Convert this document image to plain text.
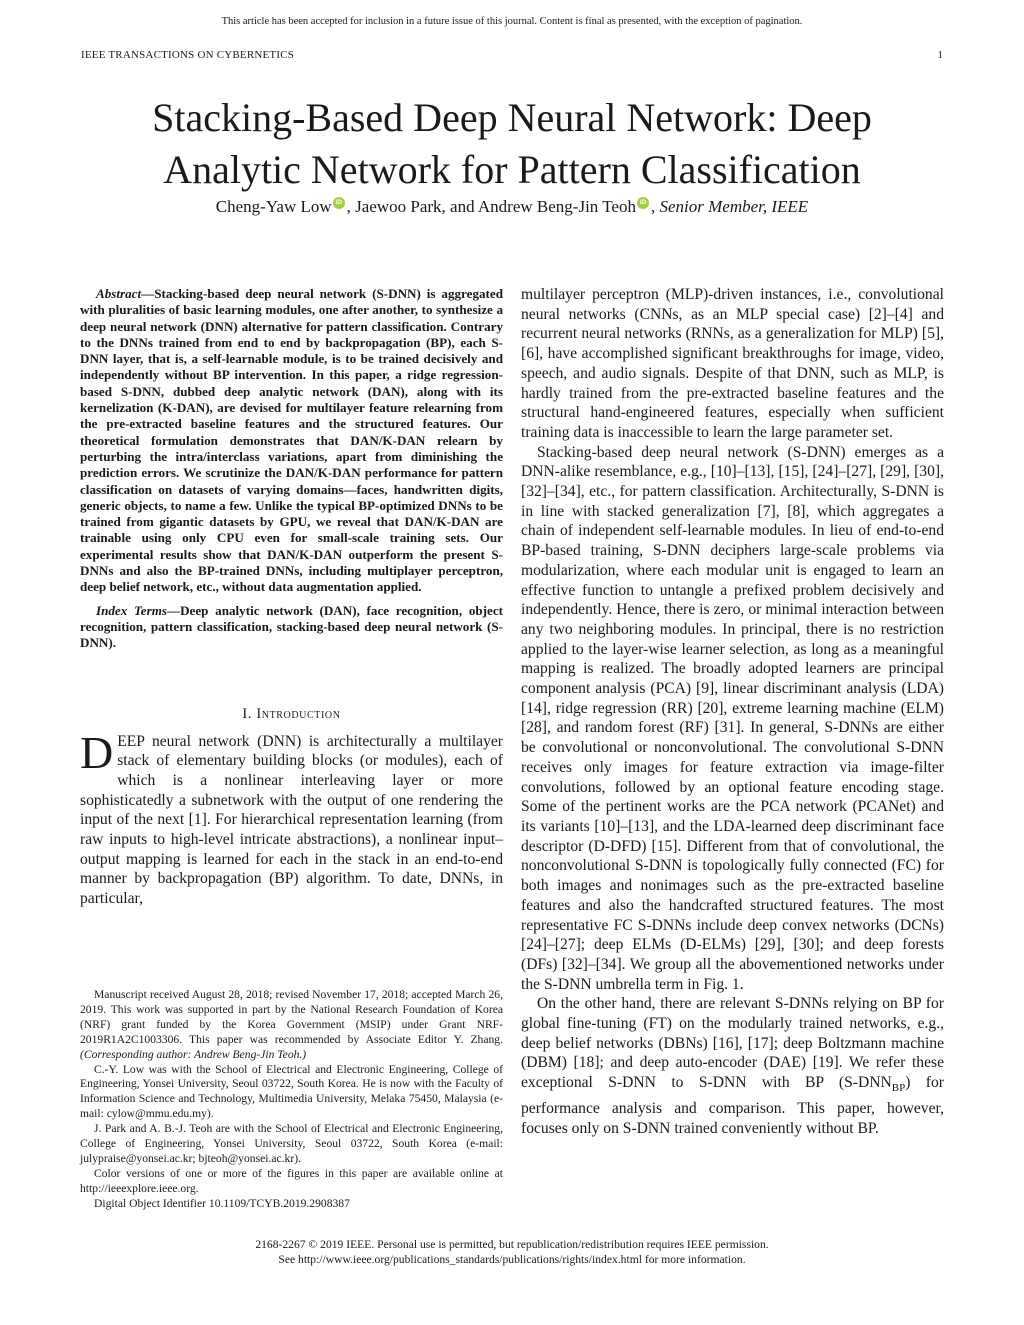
This article has been accepted for inclusion in a future issue of this journal. Content is final as presented, with the exception of pagination.
IEEE TRANSACTIONS ON CYBERNETICS	1
Stacking-Based Deep Neural Network: Deep
Analytic Network for Pattern Classification
Cheng-Yaw Low iD , Jaewoo Park, and Andrew Beng-Jin Teoh iD , Senior Member, IEEE

Abstract—Stacking-based deep neural network (S-DNN) is aggregated with pluralities of basic learning modules, one after another, to synthesize a deep neural network (DNN) alternative for pattern classification. Contrary to the DNNs trained from end to end by backpropagation (BP), each S-DNN layer, that is, a self-learnable module, is to be trained decisively and independently without BP intervention. In this paper, a ridge regression-based S-DNN, dubbed deep analytic network (DAN), along with its kernelization (K-DAN), are devised for multilayer feature relearning from the pre-extracted baseline features and the structured features. Our theoretical formulation demonstrates that DAN/K-DAN relearn by perturbing the intra/interclass variations, apart from diminishing the prediction errors. We scrutinize the DAN/K-DAN performance for pattern classification on datasets of varying domains—faces, handwritten digits, generic objects, to name a few. Unlike the typical BP-optimized DNNs to be trained from gigantic datasets by GPU, we reveal that DAN/K-DAN are trainable using only CPU even for small-scale training sets. Our experimental results show that DAN/K-DAN outperform the present S-DNNs and also the BP-trained DNNs, including multiplayer perceptron, deep belief network, etc., without data augmentation applied.

Index Terms—Deep analytic network (DAN), face recognition, object recognition, pattern classification, stacking-based deep neural network (S-DNN).

I. Introduction

DEEP neural network (DNN) is architecturally a multilayer stack of elementary building blocks (or modules), each of which is a nonlinear interleaving layer or more sophisticatedly a subnetwork with the output of one rendering the input of the next [1]. For hierarchical representation learning (from raw inputs to high-level intricate abstractions), a nonlinear input–output mapping is learned for each in the stack in an end-to-end manner by backpropagation (BP) algorithm. To date, DNNs, in particular,

Manuscript received August 28, 2018; revised November 17, 2018; accepted March 26, 2019. This work was supported in part by the National Research Foundation of Korea (NRF) grant funded by the Korea Government (MSIP) under Grant NRF-2019R1A2C1003306. This paper was recommended by Associate Editor Y. Zhang. (Corresponding author: Andrew Beng-Jin Teoh.)

C.-Y. Low was with the School of Electrical and Electronic Engineering, College of Engineering, Yonsei University, Seoul 03722, South Korea. He is now with the Faculty of Information Science and Technology, Multimedia University, Melaka 75450, Malaysia (e-mail: cylow@mmu.edu.my).

J. Park and A. B.-J. Teoh are with the School of Electrical and Electronic Engineering, College of Engineering, Yonsei University, Seoul 03722, South Korea (e-mail: julypraise@yonsei.ac.kr; bjteoh@yonsei.ac.kr).

Color versions of one or more of the figures in this paper are available online at http://ieeexplore.ieee.org.

Digital Object Identifier 10.1109/TCYB.2019.2908387

multilayer perceptron (MLP)-driven instances, i.e., convolutional neural networks (CNNs, as an MLP special case) [2]–[4] and recurrent neural networks (RNNs, as a generalization for MLP) [5], [6], have accomplished significant breakthroughs for image, video, speech, and audio signals. Despite of that DNN, such as MLP, is hardly trained from the pre-extracted baseline features and the structural hand-engineered features, especially when sufficient training data is inaccessible to learn the large parameter set.

Stacking-based deep neural network (S-DNN) emerges as a DNN-alike resemblance, e.g., [10]–[13], [15], [24]–[27], [29], [30], [32]–[34], etc., for pattern classification. Architecturally, S-DNN is in line with stacked generalization [7], [8], which aggregates a chain of independent self-learnable modules. In lieu of end-to-end BP-based training, S-DNN deciphers large-scale problems via modularization, where each modular unit is engaged to learn an effective function to untangle a prefixed problem decisively and independently. Hence, there is zero, or minimal interaction between any two neighboring modules. In principal, there is no restriction applied to the layer-wise learner selection, as long as a meaningful mapping is realized. The broadly adopted learners are principal component analysis (PCA) [9], linear discriminant analysis (LDA) [14], ridge regression (RR) [20], extreme learning machine (ELM) [28], and random forest (RF) [31]. In general, S-DNNs are either be convolutional or nonconvolutional. The convolutional S-DNN receives only images for feature extraction via image-filter convolutions, followed by an optional feature encoding stage. Some of the pertinent works are the PCA network (PCANet) and its variants [10]–[13], and the LDA-learned deep discriminant face descriptor (D-DFD) [15]. Different from that of convolutional, the nonconvolutional S-DNN is topologically fully connected (FC) for both images and nonimages such as the pre-extracted baseline features and also the handcrafted structured features. The most representative FC S-DNNs include deep convex networks (DCNs) [24]–[27]; deep ELMs (D-ELMs) [29], [30]; and deep forests (DFs) [32]–[34]. We group all the abovementioned networks under the S-DNN umbrella term in Fig. 1.

On the other hand, there are relevant S-DNNs relying on BP for global fine-tuning (FT) on the modularly trained networks, e.g., deep belief networks (DBNs) [16], [17]; deep Boltzmann machine (DBM) [18]; and deep auto-encoder (DAE) [19]. We refer these exceptional S-DNN to S-DNN with BP $(S-DNN_{BP})$ for performance analysis and comparison. This paper, however, focuses only on S-DNN trained conveniently without BP.

2168-2267 © 2019 IEEE. Personal use is permitted, but republication/redistribution requires IEEE permission.
See http://www.ieee.org/publications_standards/publications/rights/index.html for more information.
